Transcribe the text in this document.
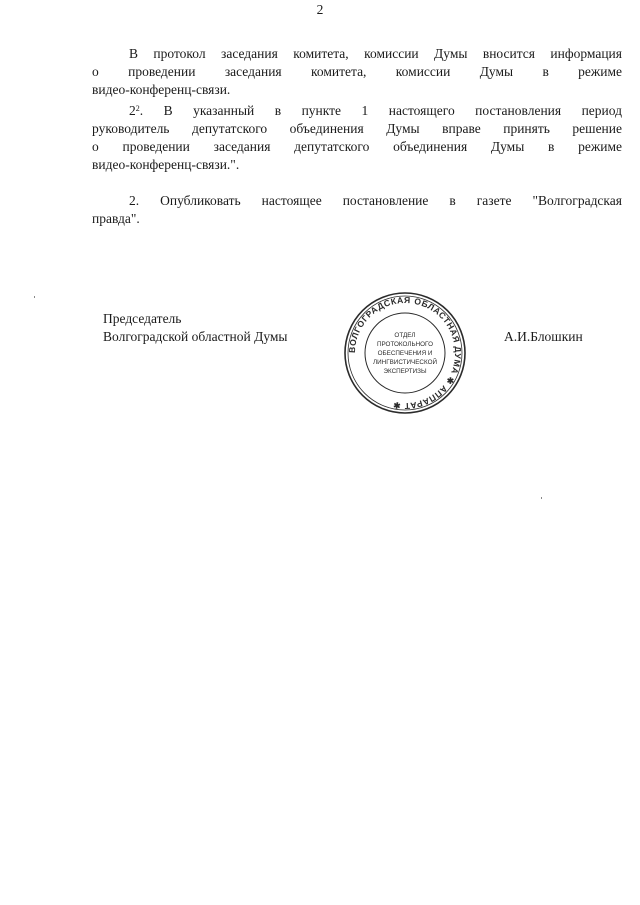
2
В протокол заседания комитета, комиссии Думы вносится информация
о проведении заседания комитета, комиссии Думы в режиме
видео-конференц-связи.
$2^2$ . В указанный в пункте 1 настоящего постановления период
руководитель депутатского объединения Думы вправе принять решение
о проведении заседания депутатского объединения Думы в режиме
видео-конференц-связи.".
2. Опубликовать настоящее постановление в газете "Волгоградская
правда".
Председатель
Волгоградской областной Думы	А.И.Блошкин
ВОЛГОГРАДСКАЯ ОБЛАСТНАЯ ДУМА ✱ АППАРАТ ✱
ОТДЕЛ
ПРОТОКОЛЬНОГО
ОБЕСПЕЧЕНИЯ И
ЛИНГВИСТИЧЕСКОЙ
ЭКСПЕРТИЗЫ
